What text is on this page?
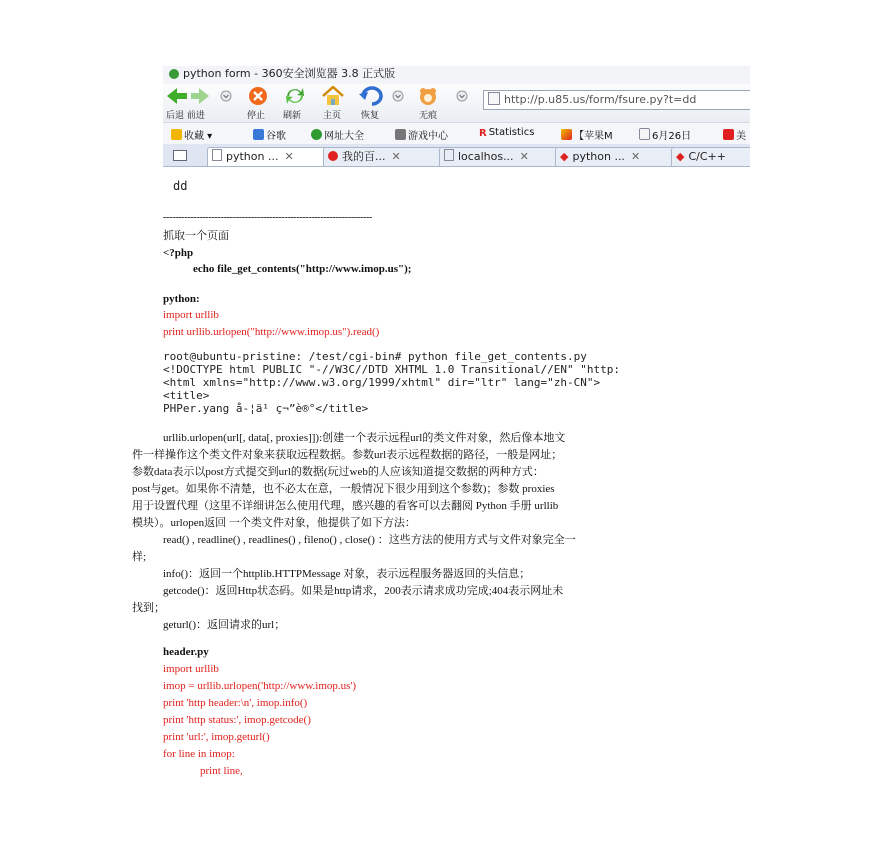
python form - 360安全浏览器 3.8 正式版
后退 前进	停止 刷新 主页 恢复	无痕
http://p.u85.us/form/fsure.py?t=dd
收藏 ▾	谷歌	网址大全	游戏中心	R Statistics	【苹果M	6月26日	美
python ... ✕	我的百... ✕	localhos... ✕	◆ python ... ✕	◆ C/C++
dd
---------------------------------------------------------------------
抓取一个页面
<?php
echo file_get_contents("http://www.imop.us");
python:
import urllib
print urllib.urlopen("http://www.imop.us").read()
root@ubuntu-pristine: /test/cgi-bin# python file_get_contents.py
<!DOCTYPE html PUBLIC "-//W3C//DTD XHTML 1.0 Transitional//EN" "http:
<html xmlns="http://www.w3.org/1999/xhtml" dir="ltr" lang="zh-CN">
<title>
PHPer.yang å-¦ä¹ ç¬”è®°</title>
urllib.urlopen(url[, data[, proxies]]):创建一个表示远程url的类文件对象，然后像本地文
件一样操作这个类文件对象来获取远程数据。参数url表示远程数据的路径，一般是网址；
参数data表示以post方式提交到url的数据(玩过web的人应该知道提交数据的两种方式：
post与get。如果你不清楚，也不必太在意，一般情况下很少用到这个参数)；参数 proxies
用于设置代理（这里不详细讲怎么使用代理，感兴趣的看客可以去翻阅 Python 手册 urllib
模块）。urlopen返回 一个类文件对象，他提供了如下方法：
read() , readline() , readlines() , fileno() , close() ：这些方法的使用方式与文件对象完全一
样;
info()：返回一个httplib.HTTPMessage 对象，表示远程服务器返回的头信息；
getcode()：返回Http状态码。如果是http请求，200表示请求成功完成;404表示网址未
找到；
geturl()：返回请求的url；
header.py
import urllib
imop = urllib.urlopen('http://www.imop.us')
print 'http header:\n', imop.info()
print 'http status:', imop.getcode()
print 'url:', imop.geturl()
for line in imop:
print line,
